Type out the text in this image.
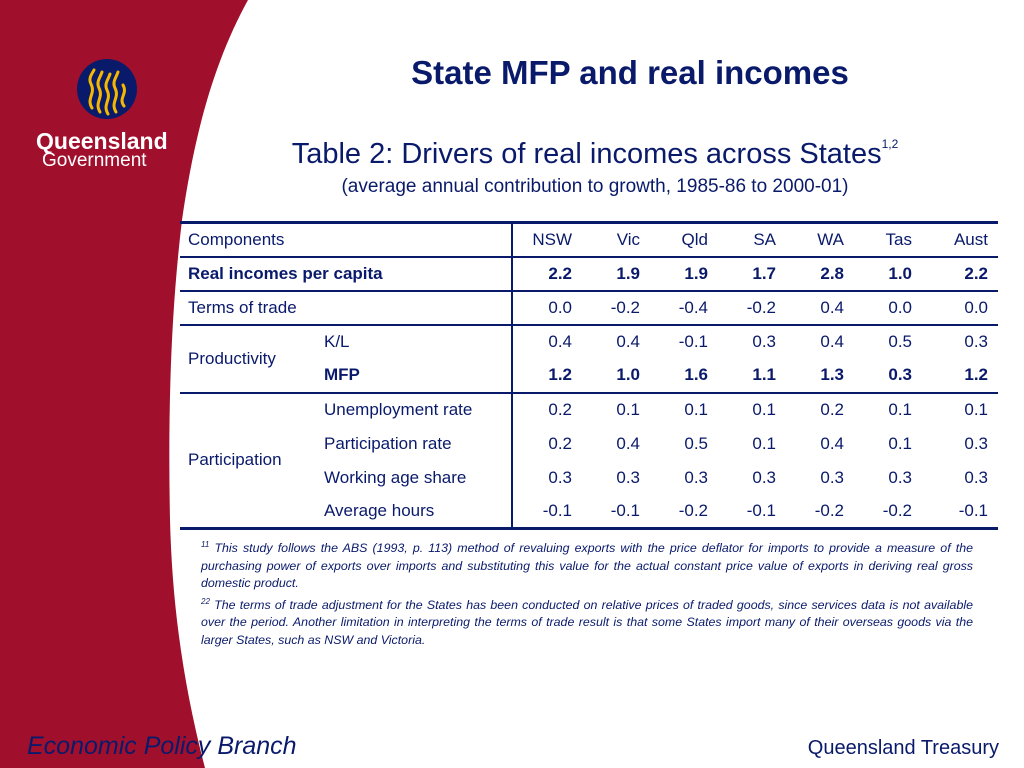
Queensland
Government
State MFP and real incomes
Table 2: Drivers of real incomes across States$^{1,2}$
(average annual contribution to growth, 1985-86 to 2000-01)
Components		NSW	Vic	Qld	SA	WA	Tas	Aust
Real incomes per capita		2.2	1.9	1.9	1.7	2.8	1.0	2.2
Terms of trade		0.0	-0.2	-0.4	-0.2	0.4	0.0	0.0
Productivity	K/L	0.4	0.4	-0.1	0.3	0.4	0.5	0.3
	MFP	1.2	1.0	1.6	1.1	1.3	0.3	1.2
Participation	Unemployment rate	0.2	0.1	0.1	0.1	0.2	0.1	0.1
	Participation rate	0.2	0.4	0.5	0.1	0.4	0.1	0.3
	Working age share	0.3	0.3	0.3	0.3	0.3	0.3	0.3
	Average hours	-0.1	-0.1	-0.2	-0.1	-0.2	-0.2	-0.1

$^{11}$ This study follows the ABS (1993, p. 113) method of revaluing exports with the price deflator for imports to provide a measure of the purchasing power of exports over imports and substituting this value for the actual constant price value of exports in deriving real gross domestic product.

$^{22}$ The terms of trade adjustment for the States has been conducted on relative prices of traded goods, since services data is not available over the period. Another limitation in interpreting the terms of trade result is that some States import many of their overseas goods via the larger States, such as NSW and Victoria.

Economic Policy Branch	Queensland Treasury
